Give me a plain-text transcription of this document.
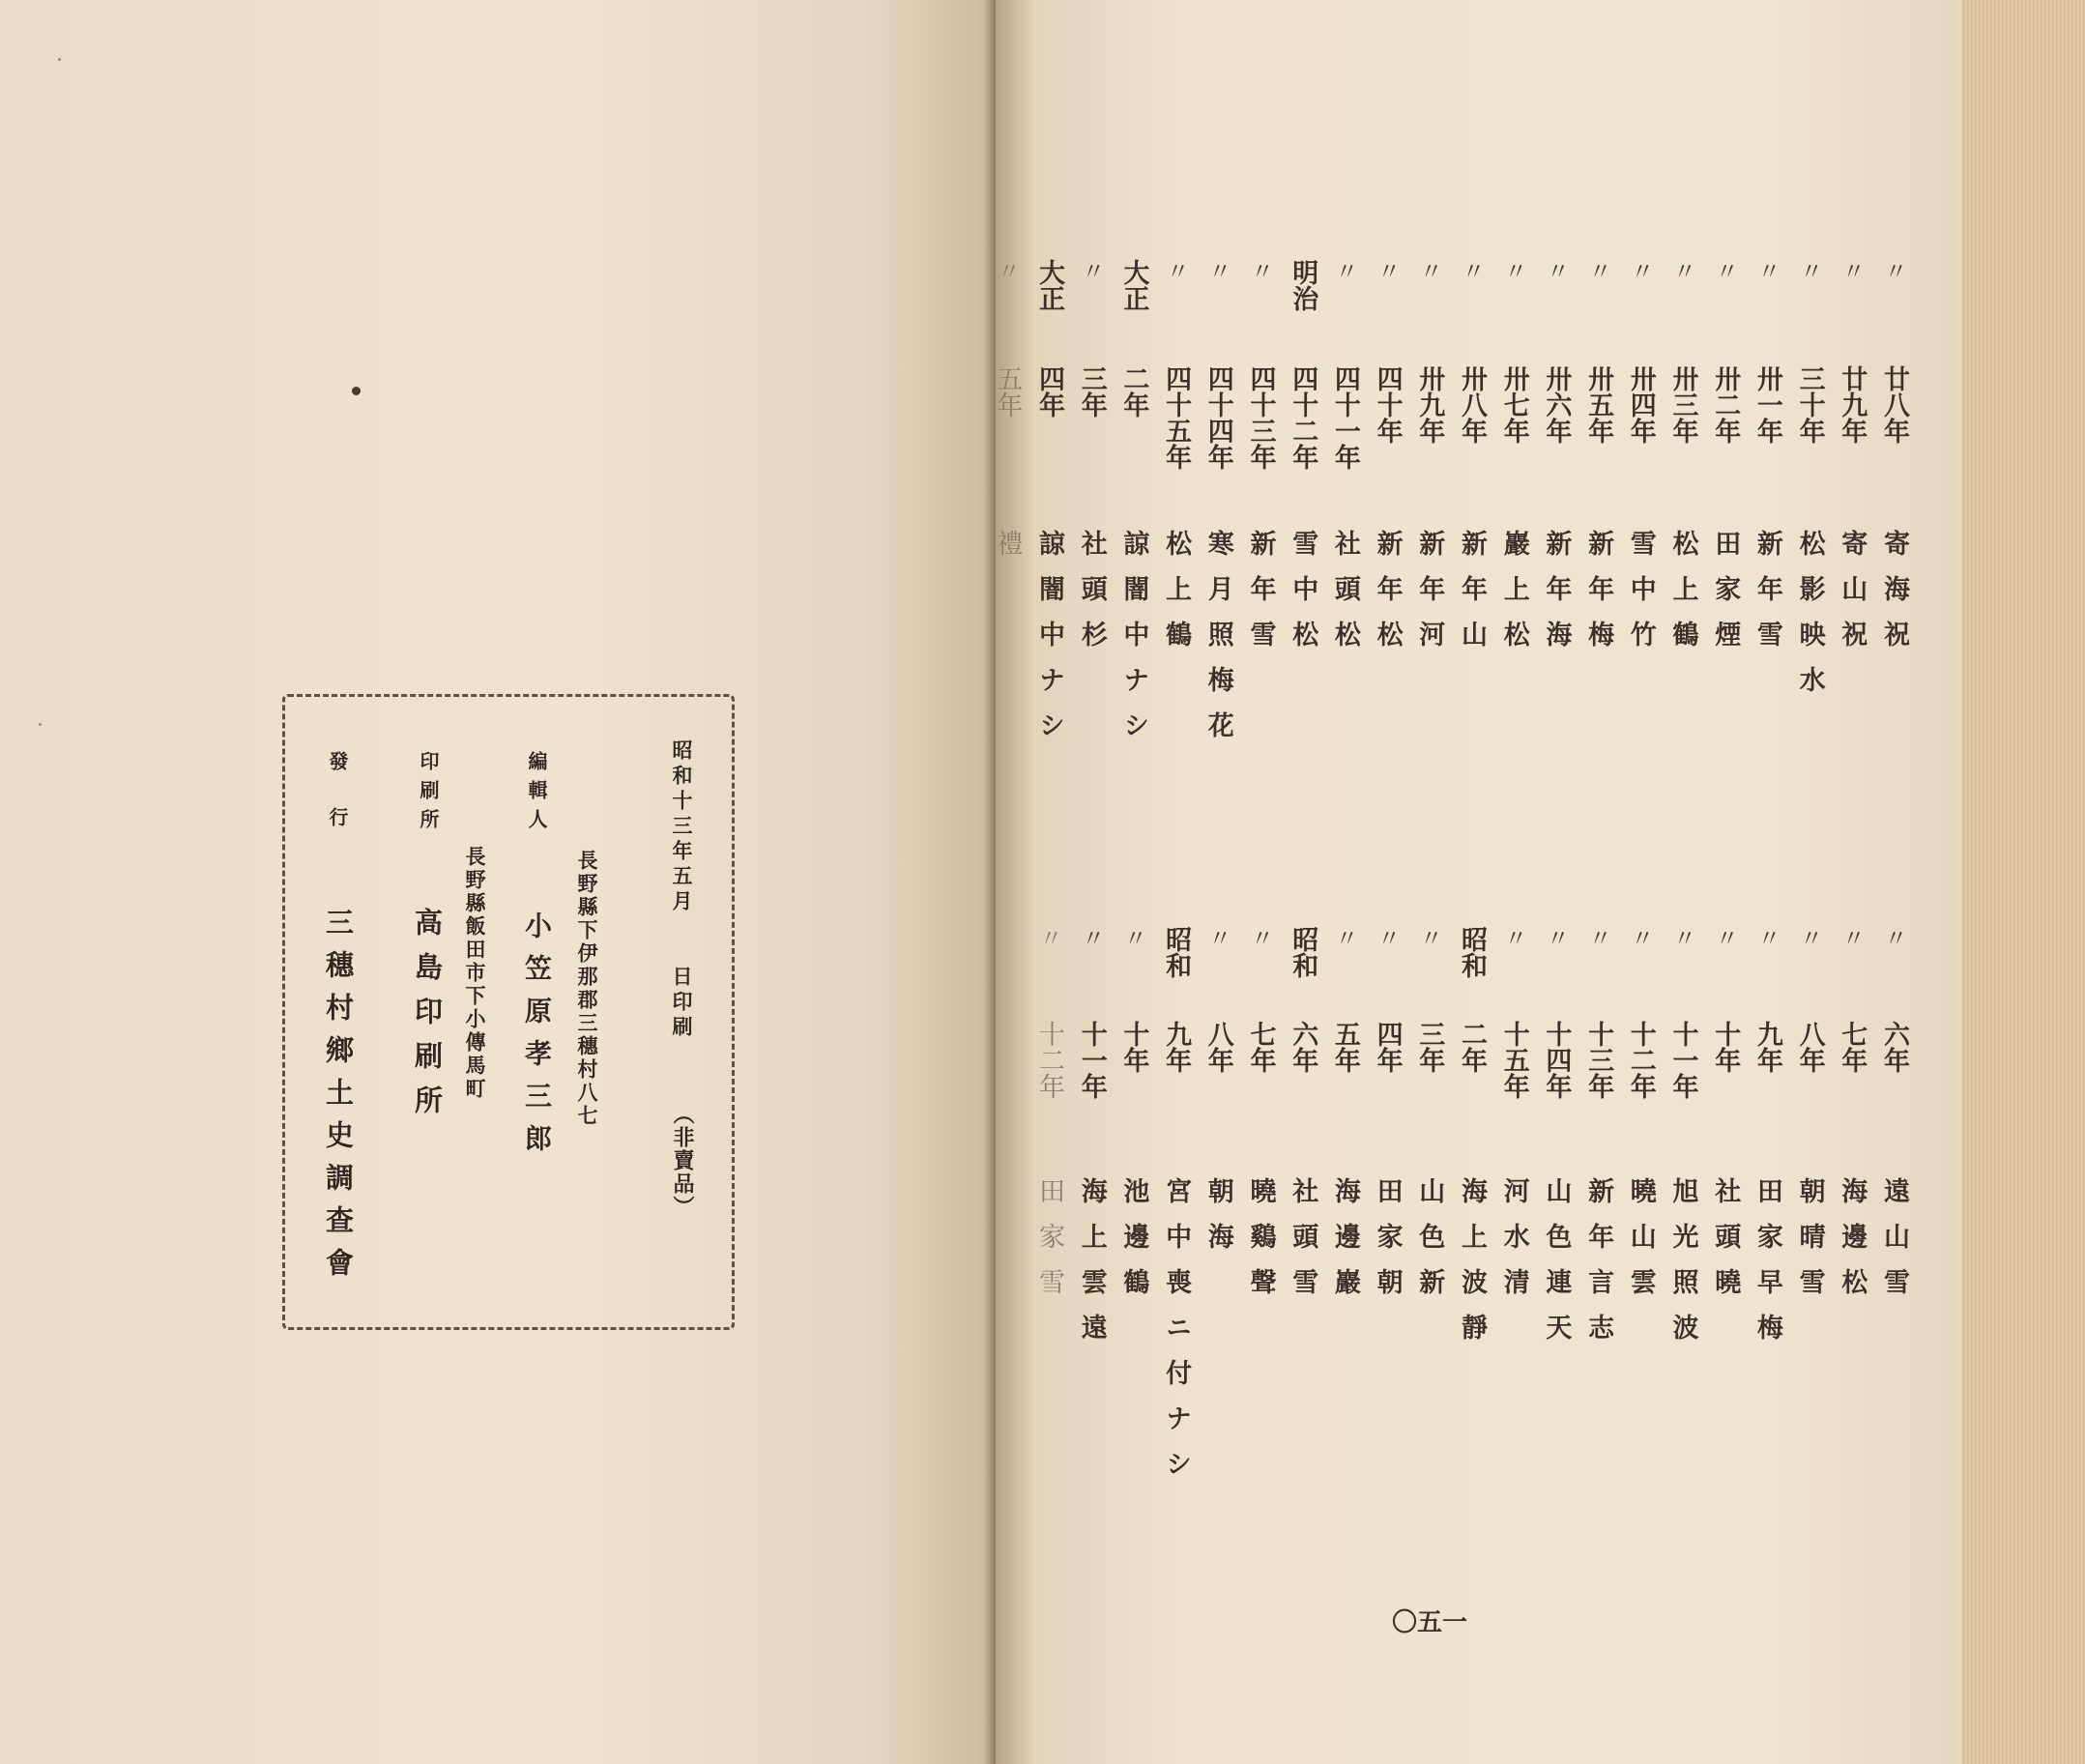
昭和十三年五月　　日印刷
（非賣品）
長野縣下伊那郡三穗村八七
編輯人
小笠原孝三郎
長野縣飯田市下小傳馬町
印刷所
高島印刷所
發行
三穗村鄉土史調查會
〃
廿八年
寄海祝
〃
廿九年
寄山祝
〃
三十年
松影映水
〃
卅一年
新年雪
〃
卅二年
田家煙
〃
卅三年
松上鶴
〃
卅四年
雪中竹
〃
卅五年
新年梅
〃
卅六年
新年海
〃
卅七年
巖上松
〃
卅八年
新年山
〃
卅九年
新年河
〃
四十年
新年松
〃
四十一年
社頭松
明治
四十二年
雪中松
〃
四十三年
新年雪
〃
四十四年
寒月照梅花
〃
四十五年
松上鶴
大正
二年
諒闇中ナシ
〃
三年
社頭杉
大正
四年
諒闇中ナシ
〃
五年
禮
〃
六年
遠山雪
〃
七年
海邊松
〃
八年
朝晴雪
〃
九年
田家早梅
〃
十年
社頭曉
〃
十一年
旭光照波
〃
十二年
曉山雲
〃
十三年
新年言志
〃
十四年
山色連天
〃
十五年
河水清
昭和
二年
海上波靜
〃
三年
山色新
〃
四年
田家朝
〃
五年
海邊巖
昭和
六年
社頭雪
〃
七年
曉鷄聲
〃
八年
朝海
昭和
九年
宮中喪ニ付ナシ
〃
十年
池邊鶴
〃
十一年
海上雲遠
〃
十二年
田家雪
〇五一
